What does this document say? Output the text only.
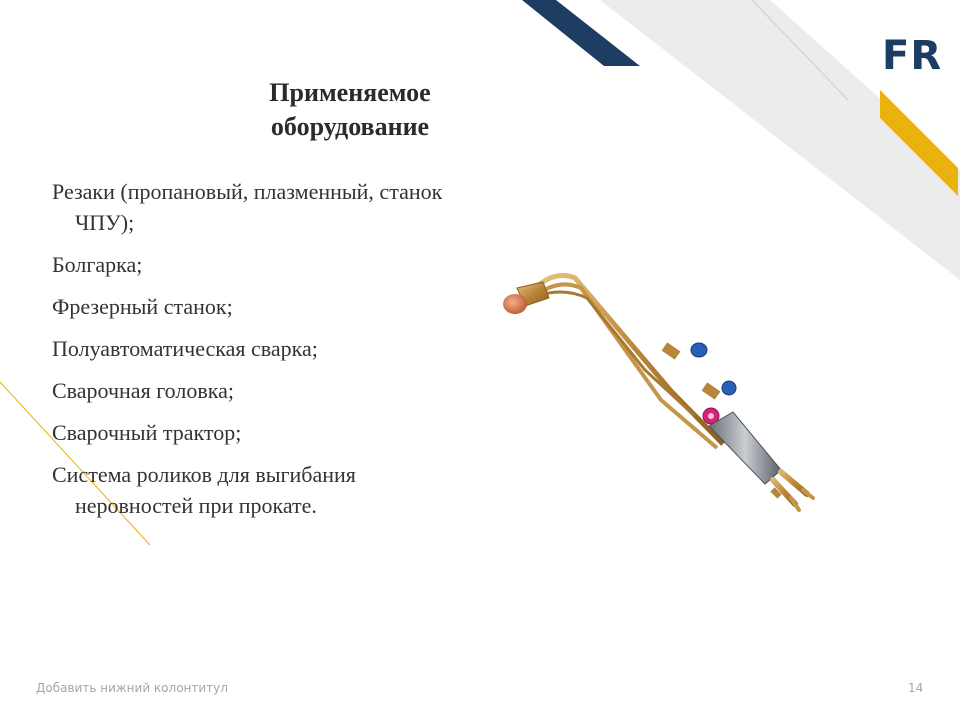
FR
Применяемое
оборудование
Резаки (пропановый, плазменный, станок ЧПУ);
Болгарка;
Фрезерный станок;
Полуавтоматическая сварка;
Сварочная головка;
Сварочный трактор;
Система роликов для выгибания неровностей при прокате.
Добавить нижний колонтитул	14
